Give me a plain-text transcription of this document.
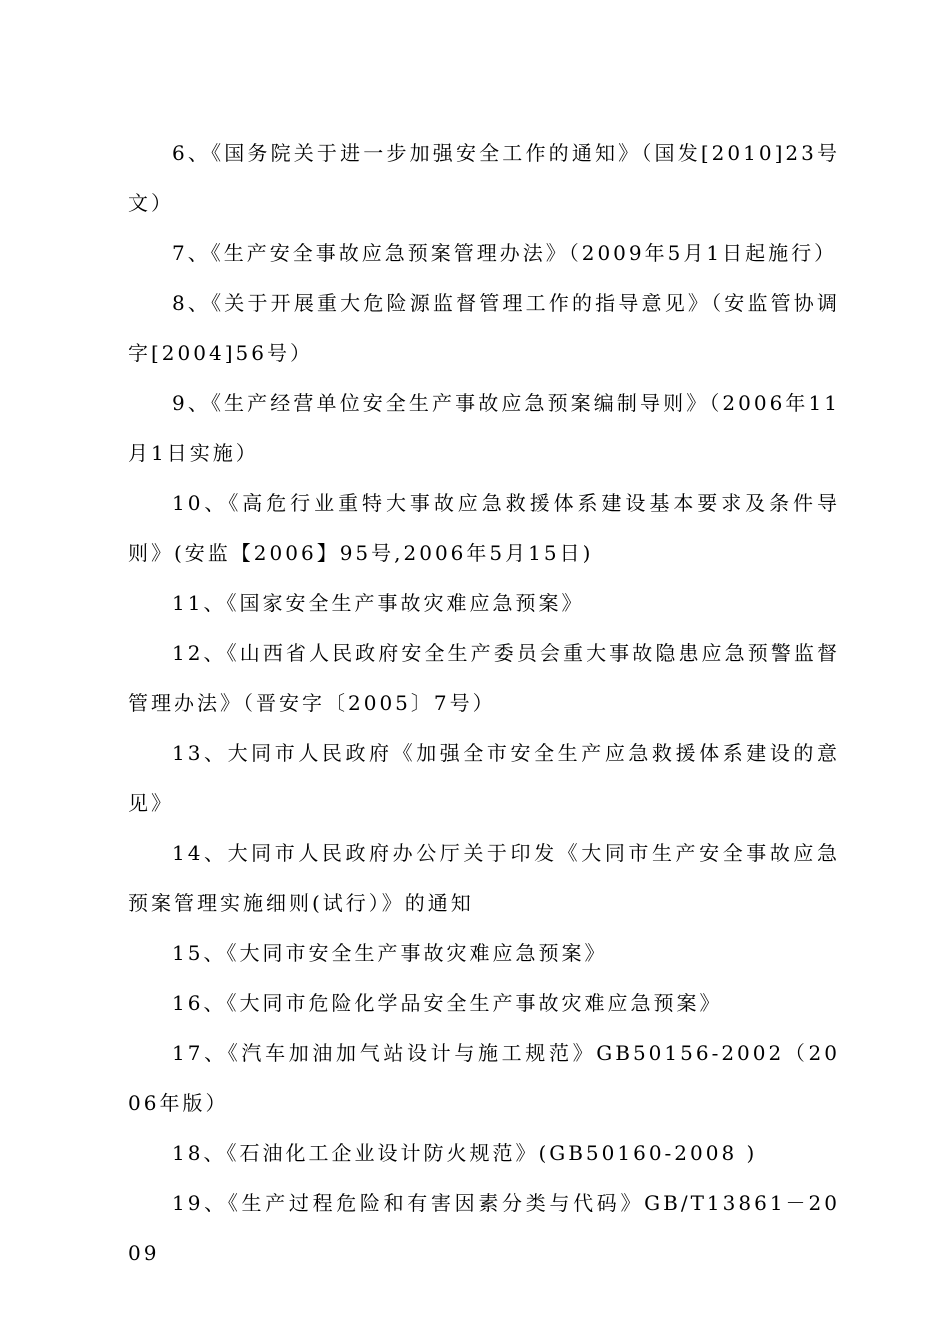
6、《国务院关于进一步加强安全工作的通知》（国发[2010]23号文）

7、《生产安全事故应急预案管理办法》（2009年5月1日起施行）

8、《关于开展重大危险源监督管理工作的指导意见》（安监管协调字[2004]56号）

9、《生产经营单位安全生产事故应急预案编制导则》（2006年11月1日实施）

10、《高危行业重特大事故应急救援体系建设基本要求及条件导则》(安监【2006】95号,2006年5月15日)

11、《国家安全生产事故灾难应急预案》

12、《山西省人民政府安全生产委员会重大事故隐患应急预警监督管理办法》（晋安字〔2005〕7号）

13、大同市人民政府《加强全市安全生产应急救援体系建设的意见》

14、大同市人民政府办公厅关于印发《大同市生产安全事故应急预案管理实施细则(试行）》的通知

15、《大同市安全生产事故灾难应急预案》

16、《大同市危险化学品安全生产事故灾难应急预案》

17、《汽车加油加气站设计与施工规范》GB50156-2002（2006年版）

18、《石油化工企业设计防火规范》(GB50160-2008 )

19、《生产过程危险和有害因素分类与代码》GB/T13861－2009
